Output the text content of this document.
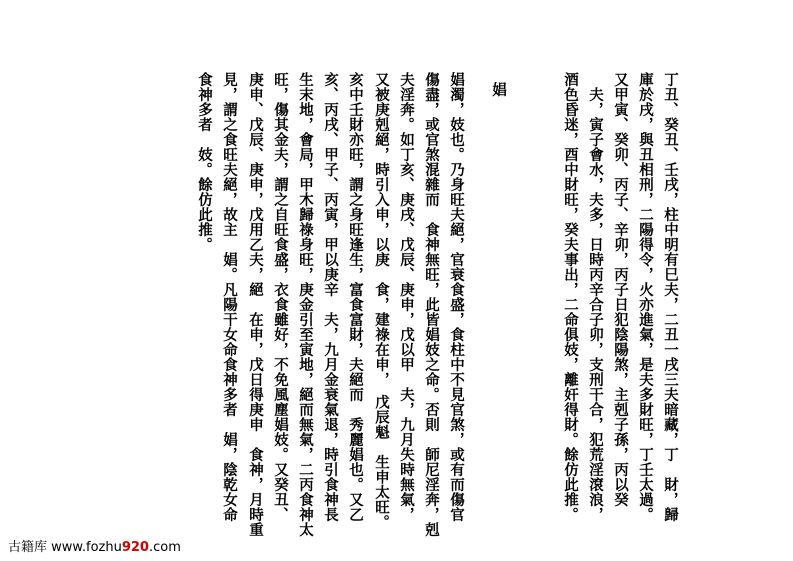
丁丑、癸丑、壬戌，柱中明有巳夫，二丑一戌三夫暗藏，丁　財，歸
庫於戌，與丑相刑，二陽得令，火亦進氣，是夫多財旺，丁壬太過。
又甲寅、癸卯、丙子、辛卯，丙子日犯陰陽煞，主剋子孫，丙以癸
　夫，寅子會水，夫多，日時丙辛合子卯，支刑干合，犯荒淫滾浪，
酒色昏迷，酉中財旺，癸夫事出，二命俱妓，離奸得財。餘仿此推。
娼
娼濁，妓也。乃身旺夫絕，官衰食盛，食柱中不見官煞，或有而傷官
傷盡，或官煞混雜而　食神無旺，此皆娼妓之命。否則　師尼淫奔，剋
夫淫奔。如丁亥、庚戌、戊辰、庚申，戊以甲　夫，九月失時無氣，
又被庚剋絕，時引入申，以庚　食，建祿在申，　戊辰魁　生申太旺。
亥中壬財亦旺，謂之身旺逢生，富食富財，夫絕而　秀麗娼也。又乙
亥、丙戌、甲子、丙寅，甲以庚辛　夫，九月金衰氣退，時引食神長
生末地，會局，甲木歸祿身旺，庚金引至寅地，絕而無氣，二丙食神太
旺，傷其金夫，謂之自旺食盛，衣食雖好，不免風塵娼妓。又癸丑、
庚申、戊辰、庚申，戊用乙夫，絕　在申，戊日得庚申　食神，月時重
見，謂之食旺夫絕，故主　娼。凡陽干女命食神多者　娼，陰乾女命
食神多者　妓。餘仿此推。
古籍库 www.fozhu920.com
